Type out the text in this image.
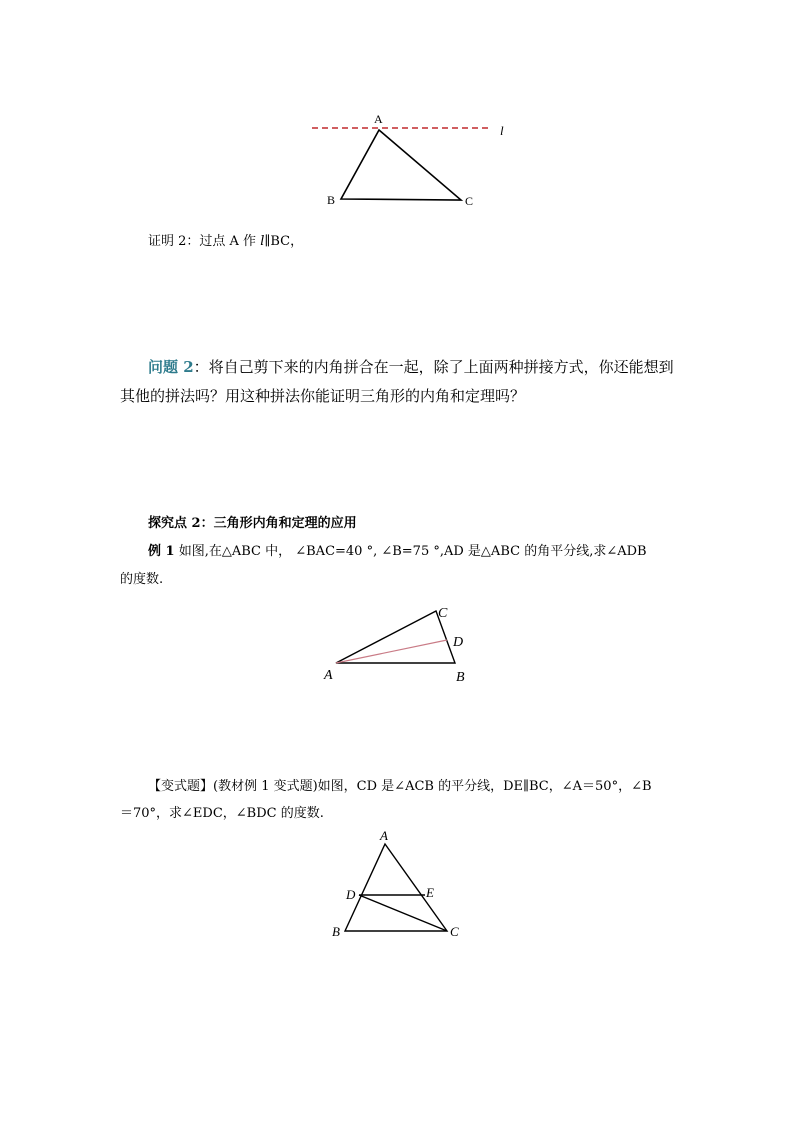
A
B	C
l
证明 2：过点 A 作 l∥BC，
问题 2：将自己剪下来的内角拼合在一起，除了上面两种拼接方式，你还能想到
其他的拼法吗？用这种拼法你能证明三角形的内角和定理吗？
探究点 2：三角形内角和定理的应用
例 1 如图,在△ABC 中， ∠BAC=40 °, ∠B=75 °,AD 是△ABC 的角平分线,求∠ADB
的度数.
A	B
C
D
【变式题】(教材例 1 变式题)如图，CD 是∠ACB 的平分线，DE∥BC，∠A＝50°，∠B
＝70°，求∠EDC，∠BDC 的度数.
A
B	C
D	E
